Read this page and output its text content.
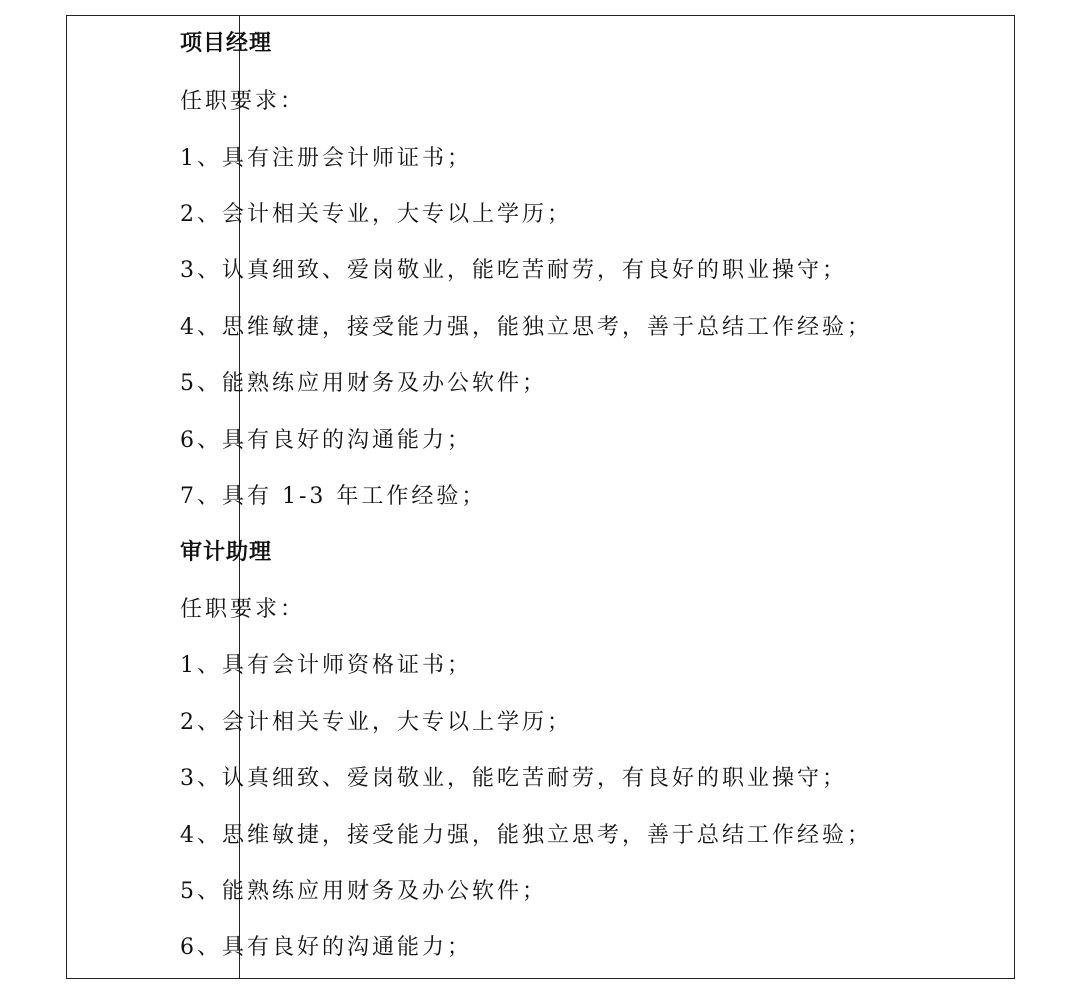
项目经理
任职要求：
1、具有注册会计师证书；
2、会计相关专业，大专以上学历；
3、认真细致、爱岗敬业，能吃苦耐劳，有良好的职业操守；
4、思维敏捷，接受能力强，能独立思考，善于总结工作经验；
5、能熟练应用财务及办公软件；
6、具有良好的沟通能力；
7、具有 1-3 年工作经验；
审计助理
任职要求：
1、具有会计师资格证书；
2、会计相关专业，大专以上学历；
3、认真细致、爱岗敬业，能吃苦耐劳，有良好的职业操守；
4、思维敏捷，接受能力强，能独立思考，善于总结工作经验；
5、能熟练应用财务及办公软件；
6、具有良好的沟通能力；
